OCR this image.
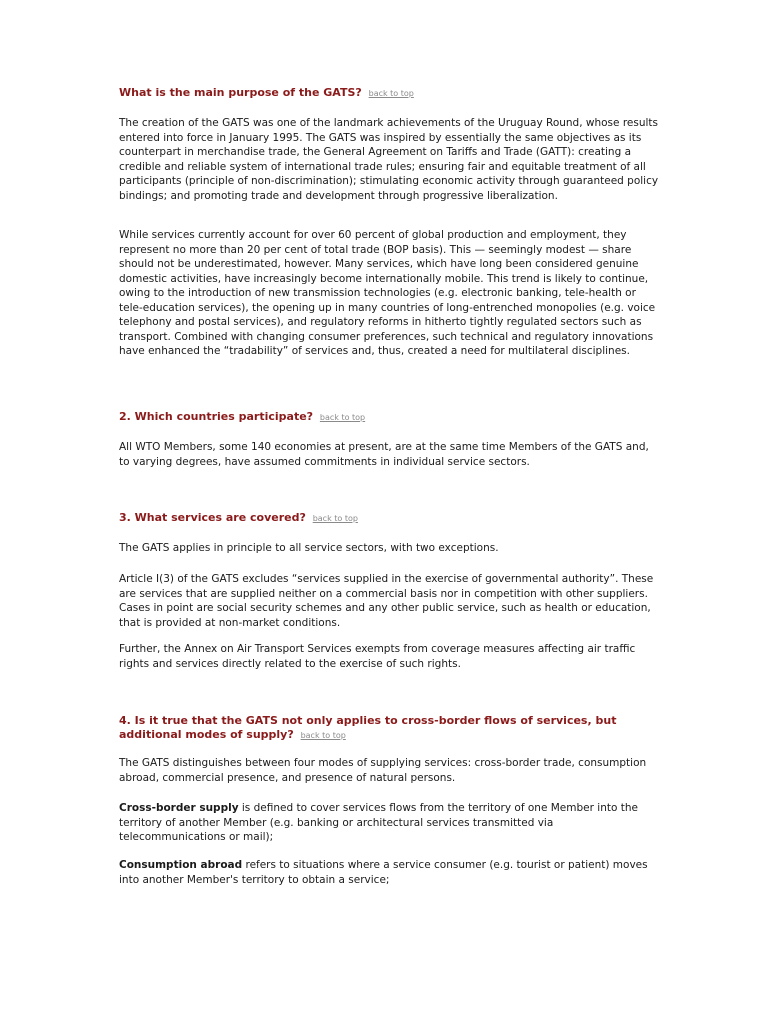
What is the main purpose of the GATS? back to top

The creation of the GATS was one of the landmark achievements of the Uruguay Round, whose results entered into force in January 1995. The GATS was inspired by essentially the same objectives as its counterpart in merchandise trade, the General Agreement on Tariffs and Trade (GATT): creating a credible and reliable system of international trade rules; ensuring fair and equitable treatment of all participants (principle of non-discrimination); stimulating economic activity through guaranteed policy bindings; and promoting trade and development through progressive liberalization.

While services currently account for over 60 percent of global production and employment, they represent no more than 20 per cent of total trade (BOP basis). This — seemingly modest — share should not be underestimated, however. Many services, which have long been considered genuine domestic activities, have increasingly become internationally mobile. This trend is likely to continue, owing to the introduction of new transmission technologies (e.g. electronic banking, tele-health or tele-education services), the opening up in many countries of long-entrenched monopolies (e.g. voice telephony and postal services), and regulatory reforms in hitherto tightly regulated sectors such as transport. Combined with changing consumer preferences, such technical and regulatory innovations have enhanced the “tradability” of services and, thus, created a need for multilateral disciplines.

2. Which countries participate? back to top

All WTO Members, some 140 economies at present, are at the same time Members of the GATS and, to varying degrees, have assumed commitments in individual service sectors.

3. What services are covered? back to top

The GATS applies in principle to all service sectors, with two exceptions.

Article I(3) of the GATS excludes “services supplied in the exercise of governmental authority”. These are services that are supplied neither on a commercial basis nor in competition with other suppliers. Cases in point are social security schemes and any other public service, such as health or education, that is provided at non-market conditions.

Further, the Annex on Air Transport Services exempts from coverage measures affecting air traffic rights and services directly related to the exercise of such rights.

4. Is it true that the GATS not only applies to cross-border flows of services, but additional modes of supply? back to top

The GATS distinguishes between four modes of supplying services: cross-border trade, consumption abroad, commercial presence, and presence of natural persons.

Cross-border supply is defined to cover services flows from the territory of one Member into the territory of another Member (e.g. banking or architectural services transmitted via telecommunications or mail);

Consumption abroad refers to situations where a service consumer (e.g. tourist or patient) moves into another Member's territory to obtain a service;
